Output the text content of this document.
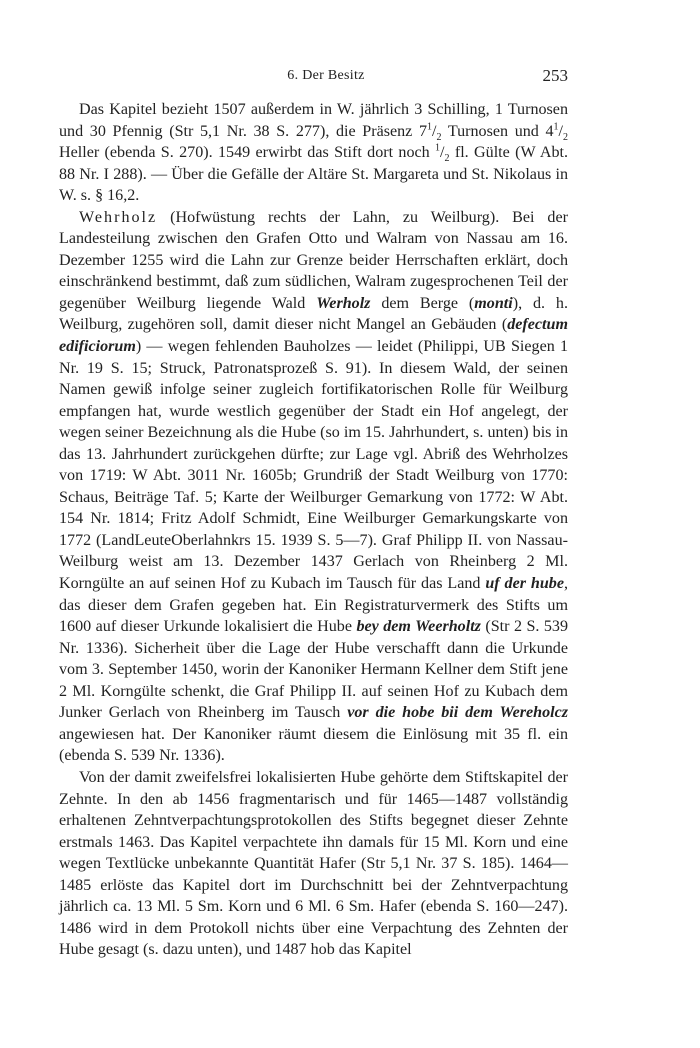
6. Der Besitz	253

Das Kapitel bezieht 1507 außerdem in W. jährlich 3 Schilling, 1 Turnosen und 30 Pfennig (Str 5,1 Nr. 38 S. 277), die Präsenz $7^1/_2$ Turnosen und $4^1/_2$ Heller (ebenda S. 270). 1549 erwirbt das Stift dort noch $^1/_2$ fl. Gülte (W Abt. 88 Nr. I 288). — Über die Gefälle der Altäre St. Margareta und St. Nikolaus in W. s. § 16,2.

Wehrholz (Hofwüstung rechts der Lahn, zu Weilburg). Bei der Landesteilung zwischen den Grafen Otto und Walram von Nassau am 16. Dezember 1255 wird die Lahn zur Grenze beider Herrschaften erklärt, doch einschränkend bestimmt, daß zum südlichen, Walram zugesprochenen Teil der gegenüber Weilburg liegende Wald Werholz dem Berge (monti), d. h. Weilburg, zugehören soll, damit dieser nicht Mangel an Gebäuden (defectum edificiorum) — wegen fehlenden Bauholzes — leidet (Philippi, UB Siegen 1 Nr. 19 S. 15; Struck, Patronatsprozeß S. 91). In diesem Wald, der seinen Namen gewiß infolge seiner zugleich fortifikatorischen Rolle für Weilburg empfangen hat, wurde westlich gegenüber der Stadt ein Hof angelegt, der wegen seiner Bezeichnung als die Hube (so im 15. Jahrhundert, s. unten) bis in das 13. Jahrhundert zurückgehen dürfte; zur Lage vgl. Abriß des Wehrholzes von 1719: W Abt. 3011 Nr. 1605b; Grundriß der Stadt Weilburg von 1770: Schaus, Beiträge Taf. 5; Karte der Weilburger Gemarkung von 1772: W Abt. 154 Nr. 1814; Fritz Adolf Schmidt, Eine Weilburger Gemarkungskarte von 1772 (LandLeuteOberlahnkrs 15. 1939 S. 5—7). Graf Philipp II. von Nassau-Weilburg weist am 13. Dezember 1437 Gerlach von Rheinberg 2 Ml. Korngülte an auf seinen Hof zu Kubach im Tausch für das Land uf der hube, das dieser dem Grafen gegeben hat. Ein Registraturvermerk des Stifts um 1600 auf dieser Urkunde lokalisiert die Hube bey dem Weerholtz (Str 2 S. 539 Nr. 1336). Sicherheit über die Lage der Hube verschafft dann die Urkunde vom 3. September 1450, worin der Kanoniker Hermann Kellner dem Stift jene 2 Ml. Korngülte schenkt, die Graf Philipp II. auf seinen Hof zu Kubach dem Junker Gerlach von Rheinberg im Tausch vor die hobe bii dem Wereholcz angewiesen hat. Der Kanoniker räumt diesem die Einlösung mit 35 fl. ein (ebenda S. 539 Nr. 1336).

Von der damit zweifelsfrei lokalisierten Hube gehörte dem Stiftskapitel der Zehnte. In den ab 1456 fragmentarisch und für 1465—1487 vollständig erhaltenen Zehntverpachtungsprotokollen des Stifts begegnet dieser Zehnte erstmals 1463. Das Kapitel verpachtete ihn damals für 15 Ml. Korn und eine wegen Textlücke unbekannte Quantität Hafer (Str 5,1 Nr. 37 S. 185). 1464—1485 erlöste das Kapitel dort im Durchschnitt bei der Zehntverpachtung jährlich ca. 13 Ml. 5 Sm. Korn und 6 Ml. 6 Sm. Hafer (ebenda S. 160—247). 1486 wird in dem Protokoll nichts über eine Verpachtung des Zehnten der Hube gesagt (s. dazu unten), und 1487 hob das Kapitel
